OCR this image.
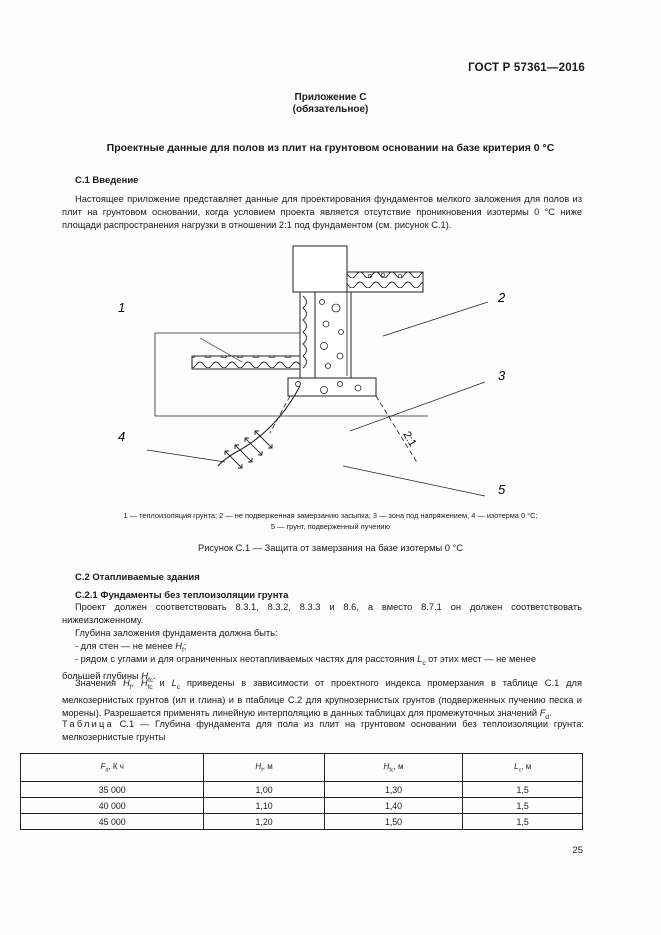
ГОСТ Р 57361—2016
Приложение С
(обязательное)
Проектные данные для полов из плит на грунтовом основании на базе критерия 0 °С
С.1 Введение
Настоящее приложение представляет данные для проектирования фундаментов мелкого заложения для полов из плит на грунтовом основании, когда условием проекта является отсутствие проникновения изотермы 0 °С ниже площади распространения нагрузки в отношении 2:1 под фундаментом (см. рисунок С.1).
1
2
3
4
5
2:1
1 — теплоизоляция грунта; 2 — не подверженная замерзанию засыпка; 3 — зона под напряжением, 4 — изотерма 0 °С;
5 — грунт, подверженный пучению
Рисунок С.1 — Защита от замерзания на базе изотермы 0 °С
С.2 Отапливаемые здания
С.2.1 Фундаменты без теплоизоляции грунта
Проект должен соответствовать 8.3.1, 8.3.2, 8.3.3 и 8.6, а вместо 8.7.1 он должен соответствовать нижеизложенному.
Глубина заложения фундамента должна быть:
- для стен — не менее $H_f$;
- рядом с углами и для ограниченных неотапливаемых частях для расстояния $L_c$ от этих мест — не менее
большей глубины $H_{fc}$.
Значения $H_f$, $H_{fc}$ и $L_c$ приведены в зависимости от проектного индекса промерзания в таблице С.1 для мелкозернистых грунтов (ил и глина) и в пtаблице С.2 для крупнозернистых грунтов (подверженных пучению песка и морены). Разрешается применять линейную интерполяцию в данных таблицах для промежуточных значений $F_d$.
Таблица С.1 — Глубина фундамента для пола из плит на грунтовом основании без теплоизоляции грунта: мелкозернистые грунты
$F_d$, К ч	$H_f$, м	$H_{fc}$, м	$L_c$, м
35 000	1,00	1,30	1,5
40 000	1,10	1,40	1,5
45 000	1,20	1,50	1,5
25
